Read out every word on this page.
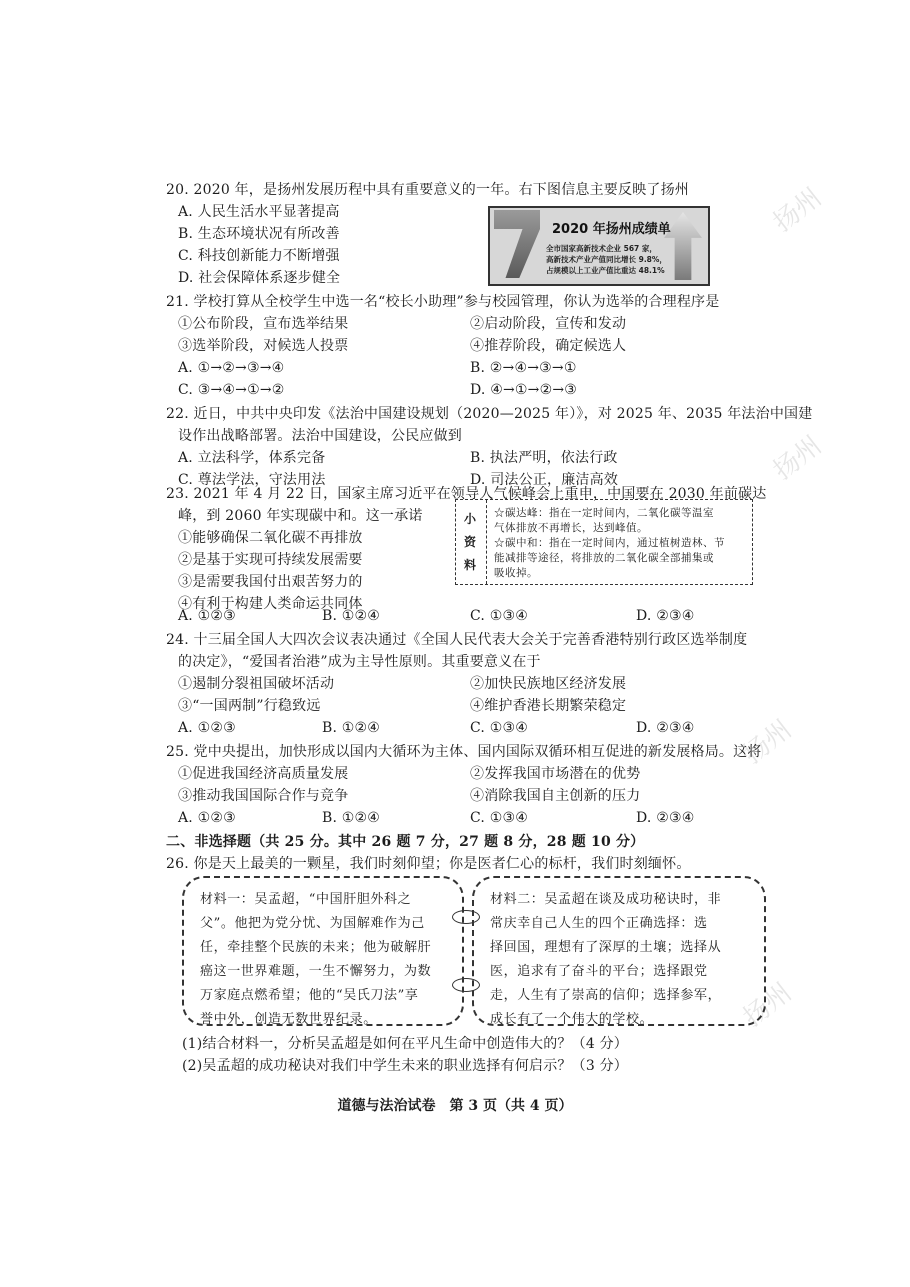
扬州
扬州
扬州
扬州
20. 2020 年，是扬州发展历程中具有重要意义的一年。右下图信息主要反映了扬州
A. 人民生活水平显著提高
B. 生态环境状况有所改善
C. 科技创新能力不断增强
D. 社会保障体系逐步健全
2020 年扬州成绩单
全市国家高新技术企业 567 家，
高新技术产业产值同比增长 9.8%，
占规模以上工业产值比重达 48.1%
21. 学校打算从全校学生中选一名“校长小助理”参与校园管理，你认为选举的合理程序是
①公布阶段，宣布选举结果	②启动阶段，宣传和发动
③选举阶段，对候选人投票	④推荐阶段，确定候选人
A. ①→②→③→④	B. ②→④→③→①
C. ③→④→①→②	D. ④→①→②→③
22. 近日，中共中央印发《法治中国建设规划（2020—2025 年）》，对 2025 年、2035 年法治中国建
设作出战略部署。法治中国建设，公民应做到
A. 立法科学，体系完备	B. 执法严明，依法行政
C. 尊法学法，守法用法	D. 司法公正，廉洁高效
23. 2021 年 4 月 22 日，国家主席习近平在领导人气候峰会上重申，中国要在 2030 年前碳达
峰，到 2060 年实现碳中和。这一承诺
①能够确保二氧化碳不再排放
②是基于实现可持续发展需要
③是需要我国付出艰苦努力的
④有利于构建人类命运共同体
小
资
料
☆碳达峰：指在一定时间内，二氧化碳等温室
气体排放不再增长，达到峰值。
☆碳中和：指在一定时间内，通过植树造林、节
能减排等途径，将排放的二氧化碳全部捕集或
吸收掉。
A. ①②③	B. ①②④	C. ①③④	D. ②③④
24. 十三届全国人大四次会议表决通过《全国人民代表大会关于完善香港特别行政区选举制度
的决定》，“爱国者治港”成为主导性原则。其重要意义在于
①遏制分裂祖国破坏活动	②加快民族地区经济发展
③“一国两制”行稳致远	④维护香港长期繁荣稳定
A. ①②③	B. ①②④	C. ①③④	D. ②③④
25. 党中央提出，加快形成以国内大循环为主体、国内国际双循环相互促进的新发展格局。这将
①促进我国经济高质量发展	②发挥我国市场潜在的优势
③推动我国国际合作与竞争	④消除我国自主创新的压力
A. ①②③	B. ①②④	C. ①③④	D. ②③④
二、非选择题（共 25 分。其中 26 题 7 分，27 题 8 分，28 题 10 分）
26. 你是天上最美的一颗星，我们时刻仰望；你是医者仁心的标杆，我们时刻缅怀。
材料一：吴孟超，“中国肝胆外科之
父”。他把为党分忧、为国解难作为己
任，牵挂整个民族的未来；他为破解肝
癌这一世界难题，一生不懈努力，为数
万家庭点燃希望；他的“吴氏刀法”享
誉中外，创造无数世界纪录。
材料二：吴孟超在谈及成功秘诀时，非
常庆幸自己人生的四个正确选择：选
择回国，理想有了深厚的土壤；选择从
医，追求有了奋斗的平台；选择跟党
走，人生有了崇高的信仰；选择参军，
成长有了一个伟大的学校。
(1)结合材料一，分析吴孟超是如何在平凡生命中创造伟大的？（4 分）
(2)吴孟超的成功秘诀对我们中学生未来的职业选择有何启示？（3 分）
道德与法治试卷　第 3 页（共 4 页）
